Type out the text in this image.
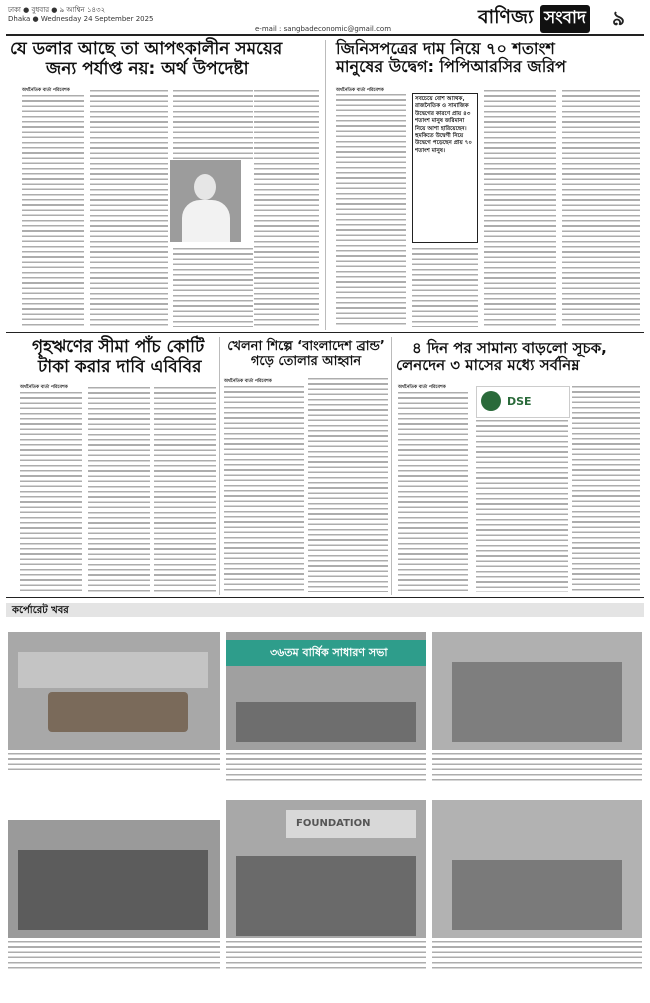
ঢাকা ● বুধবার ● ৯ আশ্বিন ১৪৩২
Dhaka ● Wednesday 24 September 2025
e-mail : sangbadeconomic@gmail.com
বাণিজ্য সংবাদ ৯
যে ডলার আছে তা আপৎকালীন সময়ের
জন্য পর্যাপ্ত নয়: অর্থ উপদেষ্টা
অর্থনৈতিক বার্তা পরিবেশক
জিনিসপত্রের দাম নিয়ে ৭০ শতাংশ
মানুষের উদ্বেগ: পিপিআরসির জরিপ
অর্থনৈতিক বার্তা পরিবেশক
সবচেয়ে বেশি আর্থিক, রাজনৈতিক ও সামাজিক উদ্বেগের কারণে প্রায় ৪৩ শতাংশ মানুষ জরিমানা নিয়ে আশা হারিয়েছেন। হুমকিতে উদ্বেগী নিয়ে উদ্বেগে পড়েছেন প্রায় ৭০ শতাংশ মানুষ।
গৃহঋণের সীমা পাঁচ কোটি
টাকা করার দাবি এবিবির
অর্থনৈতিক বার্তা পরিবেশক
খেলনা শিল্পে ‘বাংলাদেশ ব্রান্ড’
গড়ে তোলার আহ্বান
অর্থনৈতিক বার্তা পরিবেশক
৪ দিন পর সামান্য বাড়লো সূচক,
লেনদেন ৩ মাসের মধ্যে সর্বনিম্ন
অর্থনৈতিক বার্তা পরিবেশক
DSE
কর্পোরেট খবর
৩৬তম বার্ষিক সাধারণ সভা
FOUNDATION
